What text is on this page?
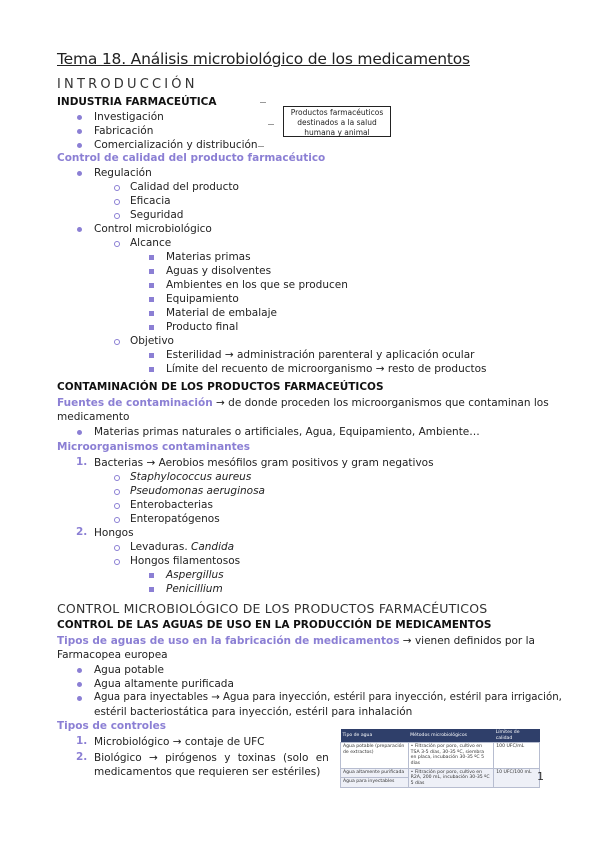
Tema 18. Análisis microbiológico de los medicamentos
INTRODUCCIÓN
INDUSTRIA FARMACEÚTICA
Investigación
Fabricación
Comercialización y distribución
Productos farmacéuticos
destinados a la salud
humana y animal
Control de calidad del producto farmacéutico
Regulación
Calidad del producto
Eficacia
Seguridad
Control microbiológico
Alcance
Materias primas
Aguas y disolventes
Ambientes en los que se producen
Equipamiento
Material de embalaje
Producto final
Objetivo
Esterilidad → administración parenteral y aplicación ocular
Límite del recuento de microorganismo → resto de productos
CONTAMINACIÓN DE LOS PRODUCTOS FARMACEÚTICOS
Fuentes de contaminación → de donde proceden los microorganismos que contaminan los
medicamento
Materias primas naturales o artificiales, Agua, Equipamiento, Ambiente…
Microorganismos contaminantes
1. Bacterias → Aerobios mesófilos gram positivos y gram negativos
Staphylococcus aureus
Pseudomonas aeruginosa
Enterobacterias
Enteropatógenos
2. Hongos
Levaduras. Candida
Hongos filamentosos
Aspergillus
Penicillium
CONTROL MICROBIOLÓGICO DE LOS PRODUCTOS FARMACÉUTICOS
CONTROL DE LAS AGUAS DE USO EN LA PRODUCCIÓN DE MEDICAMENTOS
Tipos de aguas de uso en la fabricación de medicamentos → vienen definidos por la
Farmacopea europea
Agua potable
Agua altamente purificada
Agua para inyectables → Agua para inyección, estéril para inyección, estéril para irrigación,
estéril bacteriostática para inyección, estéril para inhalación
Tipos de controles
1. Microbiológico → contaje de UFC
2. Biológico → pirógenos y toxinas (solo en
medicamentos que requieren ser estériles)
Tipo de agua	Métodos microbiológicos	Límites de calidad
Agua potable (preparación de extractos)	• Filtración por poro, cultivo en TSA 3-5 días, 30-35 ºC, siembra en placa, incubación 30-35 ºC 5 días	100 UFC/mL
Agua altamente purificada	• Filtración por poro, cultivo en R2A, 200 mL, incubación 30-35 ºC 5 días	10 UFC/100 mL
Agua para inyectables			1
